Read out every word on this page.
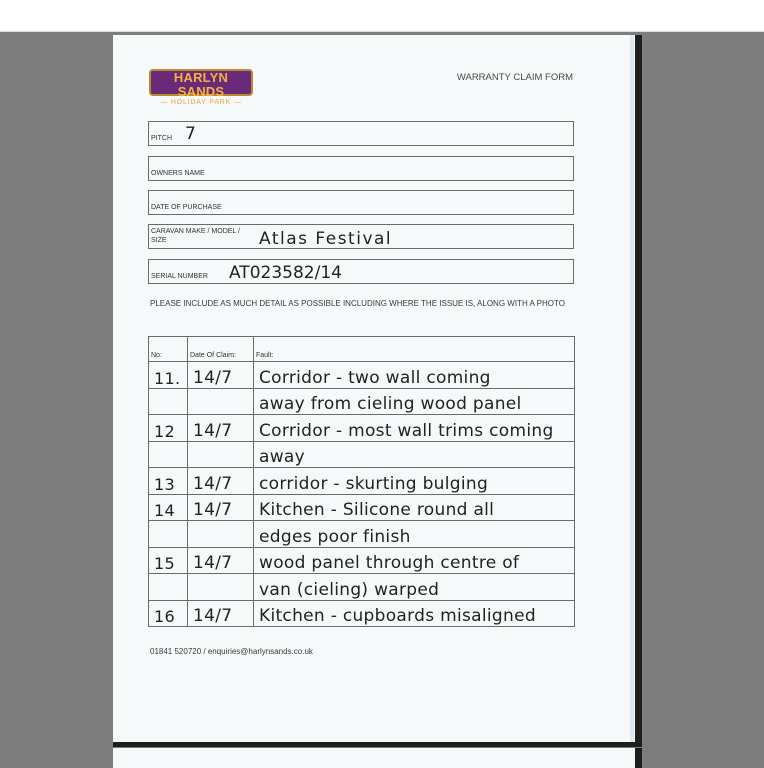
HARLYN SANDS
— HOLIDAY PARK —
WARRANTY CLAIM FORM
PITCH 7
OWNERS NAME
DATE OF PURCHASE
CARAVAN MAKE / MODEL /
SIZE	Atlas Festival
SERIAL NUMBER AT023582/14
PLEASE INCLUDE AS MUCH DETAIL AS POSSIBLE INCLUDING WHERE THE ISSUE IS, ALONG WITH A PHOTO
No:	Date Of Claim:	Fault:
11.	14/7	Corridor - two wall coming
		away from cieling wood panel
12	14/7	Corridor - most wall trims coming
		away
13	14/7	corridor - skurting bulging
14	14/7	Kitchen - Silicone round all
		edges poor finish
15	14/7	wood panel through centre of
		van (cieling) warped
16	14/7	Kitchen - cupboards misaligned
01841 520720 / enquiries@harlynsands.co.uk
